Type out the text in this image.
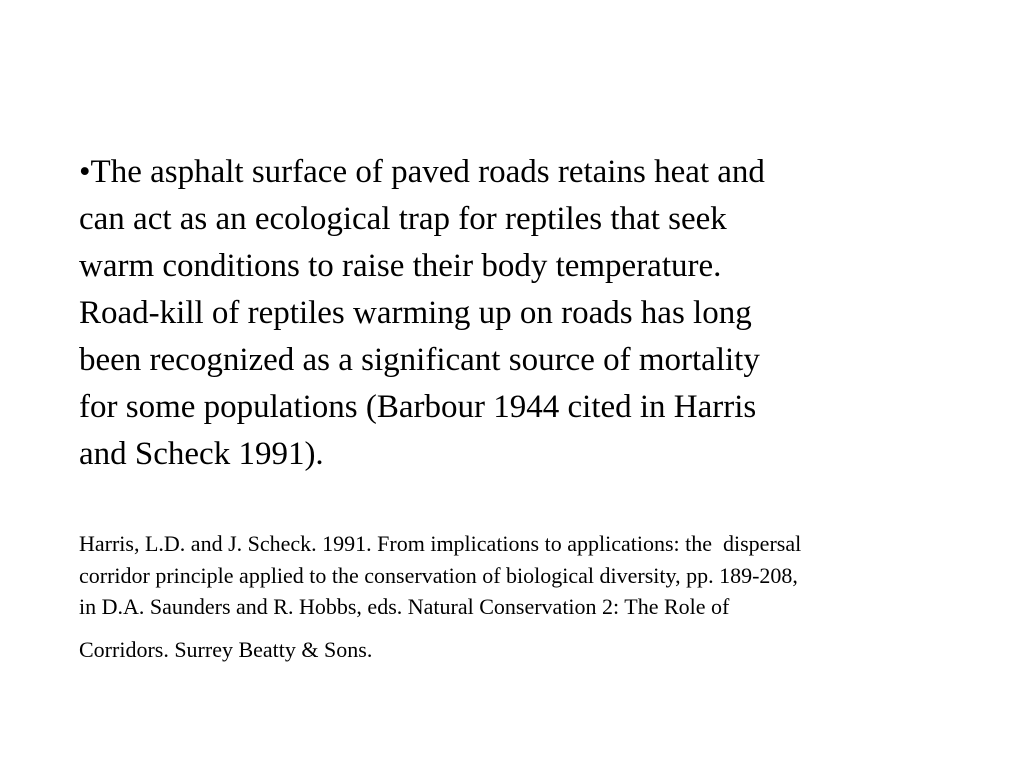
•The asphalt surface of paved roads retains heat and
can act as an ecological trap for reptiles that seek
warm conditions to raise their body temperature.
Road-kill of reptiles warming up on roads has long
been recognized as a significant source of mortality
for some populations (Barbour 1944 cited in Harris
and Scheck 1991).
Harris, L.D. and J. Scheck. 1991. From implications to applications: the  dispersal
corridor principle applied to the conservation of biological diversity, pp. 189-208,
in D.A. Saunders and R. Hobbs, eds. Natural Conservation 2: The Role of
Corridors. Surrey Beatty & Sons.
